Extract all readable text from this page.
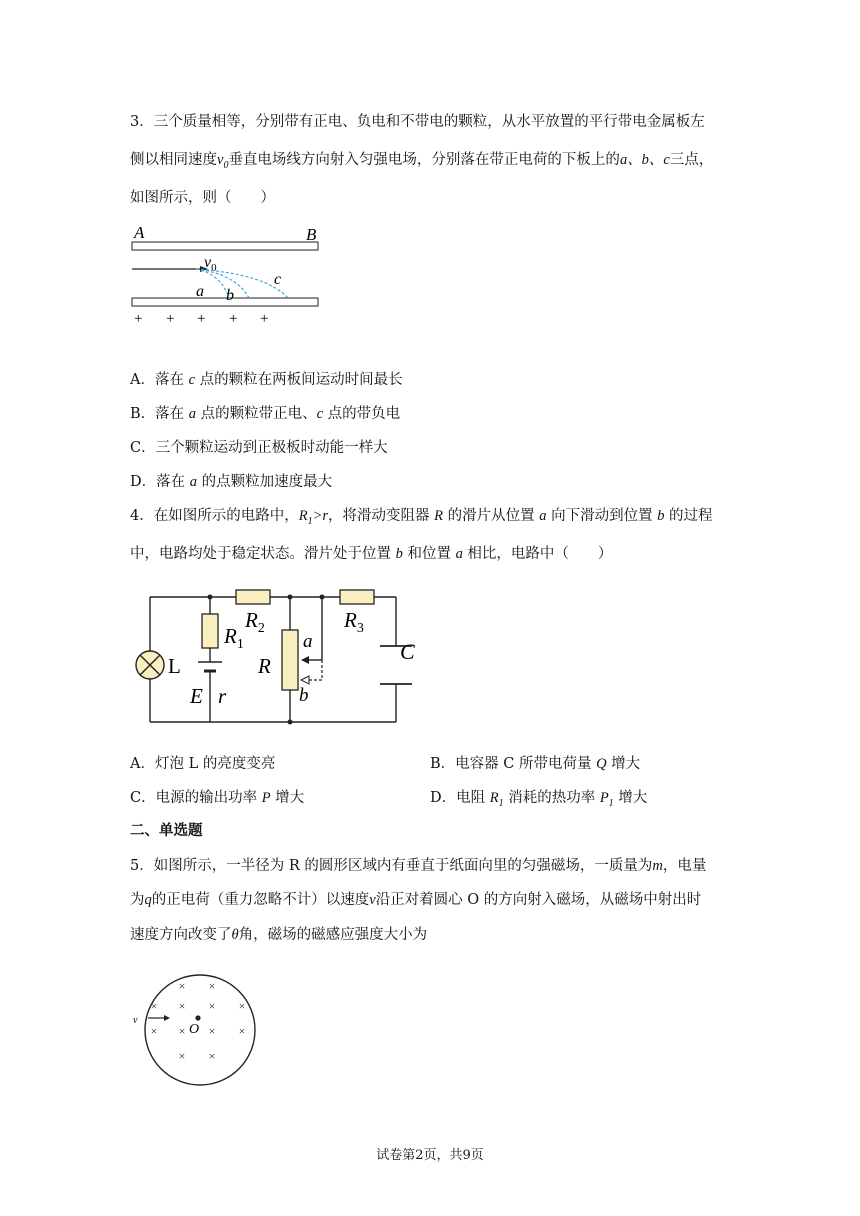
3．三个质量相等，分别带有正电、负电和不带电的颗粒，从水平放置的平行带电金属板左
侧以相同速度$v_0$垂直电场线方向射入匀强电场，分别落在带正电荷的下板上的a、b、c三点，
如图所示，则（　　）
A	B
$v_0$
a b
c
+ + + + +
A．落在 c 点的颗粒在两板间运动时间最长
B．落在 a 点的颗粒带正电、c 点的带负电
C．三个颗粒运动到正极板时动能一样大
D．落在 a 的点颗粒加速度最大
4．在如图所示的电路中，$R_1>r$，将滑动变阻器 R 的滑片从位置 a 向下滑动到位置 b 的过程
中，电路均处于稳定状态。滑片处于位置 b 和位置 a 相比，电路中（　　）
$R_1$
$R_2$	$R_3$
R
L
E r
C
a
b
A．灯泡 L 的亮度变亮	B．电容器 C 所带电荷量 Q 增大
C．电源的输出功率 P 增大	D．电阻 $R_1$ 消耗的热功率 $P_1$ 增大
二、单选题
5．如图所示，一半径为 R 的圆形区域内有垂直于纸面向里的匀强磁场，一质量为m，电量
为q的正电荷（重力忽略不计）以速度v沿正对着圆心 O 的方向射入磁场，从磁场中射出时
速度方向改变了θ角，磁场的磁感应强度大小为
× ×
× × × ×
× × × ×
× ×
O
v
试卷第2页，共9页
